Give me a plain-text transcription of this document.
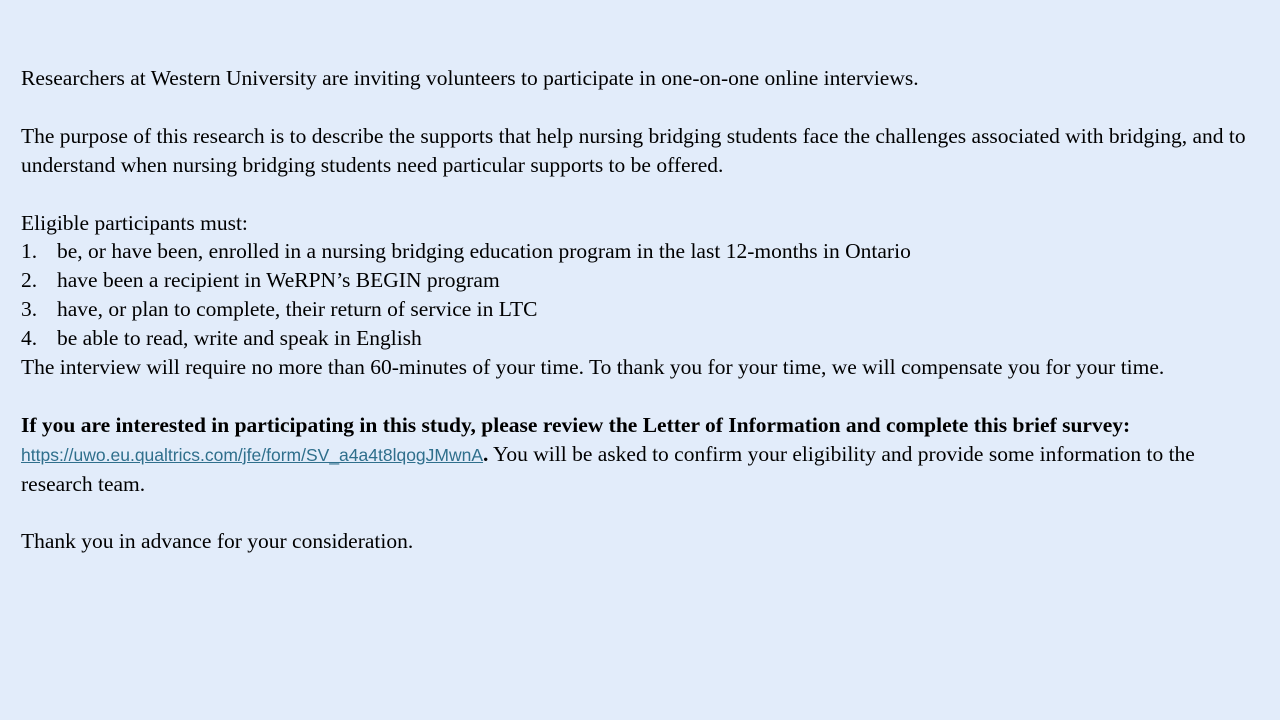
Researchers at Western University are inviting volunteers to participate in one-on-one online interviews.

The purpose of this research is to describe the supports that help nursing bridging students face the challenges associated with bridging, and to understand when nursing bridging students need particular supports to be offered.

Eligible participants must:

1. be, or have been, enrolled in a nursing bridging education program in the last 12-months in Ontario
2. have been a recipient in WeRPN’s BEGIN program
3. have, or plan to complete, their return of service in LTC
4. be able to read, write and speak in English

The interview will require no more than 60-minutes of your time. To thank you for your time, we will compensate you for your time.

If you are interested in participating in this study, please review the Letter of Information and complete this brief survey: https://uwo.eu.qualtrics.com/jfe/form/SV_a4a4t8lqogJMwnA. You will be asked to confirm your eligibility and provide some information to the research team.

Thank you in advance for your consideration.
